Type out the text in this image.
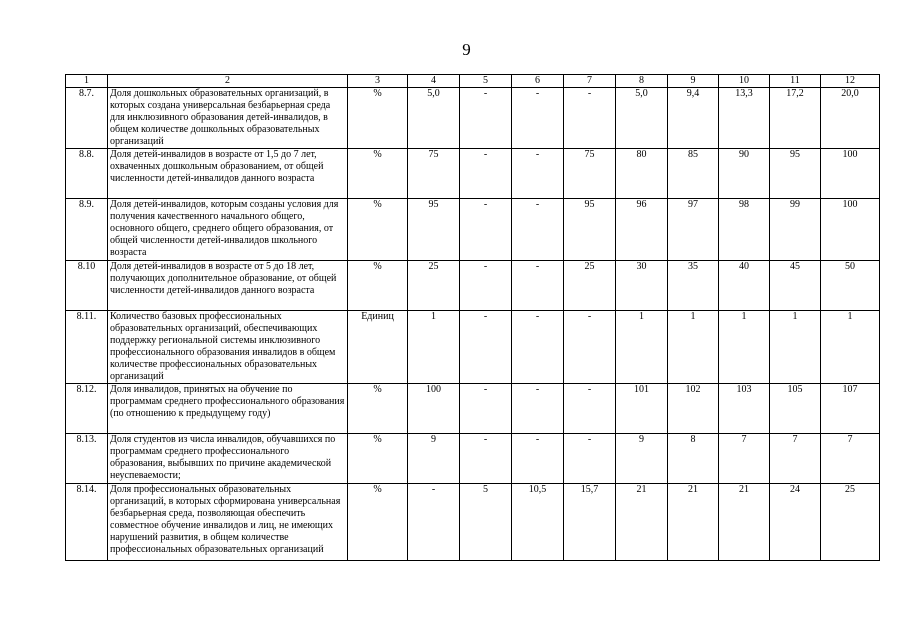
9
1	2	3	4	5	6	7	8	9	10	11	12
8.7.	Доля дошкольных образовательных организаций, в которых создана универсальная безбарьерная среда для инклюзивного образования детей-инвалидов, в общем количестве дошкольных образовательных организаций	%	5,0	-	-	-	5,0	9,4	13,3	17,2	20,0
8.8.	Доля детей-инвалидов в возрасте от 1,5 до 7 лет, охваченных дошкольным образованием, от общей численности детей-инвалидов данного возраста	%	75	-	-	75	80	85	90	95	100
8.9.	Доля детей-инвалидов, которым созданы условия для получения качественного начального общего, основного общего, среднего общего образования, от общей численности детей-инвалидов школьного возраста	%	95	-	-	95	96	97	98	99	100
8.10	Доля детей-инвалидов в возрасте от 5 до 18 лет, получающих дополнительное образование, от общей численности детей-инвалидов данного возраста	%	25	-	-	25	30	35	40	45	50
8.11.	Количество базовых профессиональных образовательных организаций, обеспечивающих поддержку региональной системы инклюзивного профессионального образования инвалидов в общем количестве профессиональных образовательных организаций	Единиц	1	-	-	-	1	1	1	1	1
8.12.	Доля инвалидов, принятых на обучение по программам среднего профессионального образования (по отношению к предыдущему году)	%	100	-	-	-	101	102	103	105	107
8.13.	Доля студентов из числа инвалидов, обучавшихся по программам среднего профессионального образования, выбывших по причине академической неуспеваемости;	%	9	-	-	-	9	8	7	7	7
8.14.	Доля профессиональных образовательных организаций, в которых сформирована универсальная безбарьерная среда, позволяющая обеспечить совместное обучение инвалидов и лиц, не имеющих нарушений развития, в общем количестве профессиональных образовательных организаций	%	-	5	10,5	15,7	21	21	21	24	25
